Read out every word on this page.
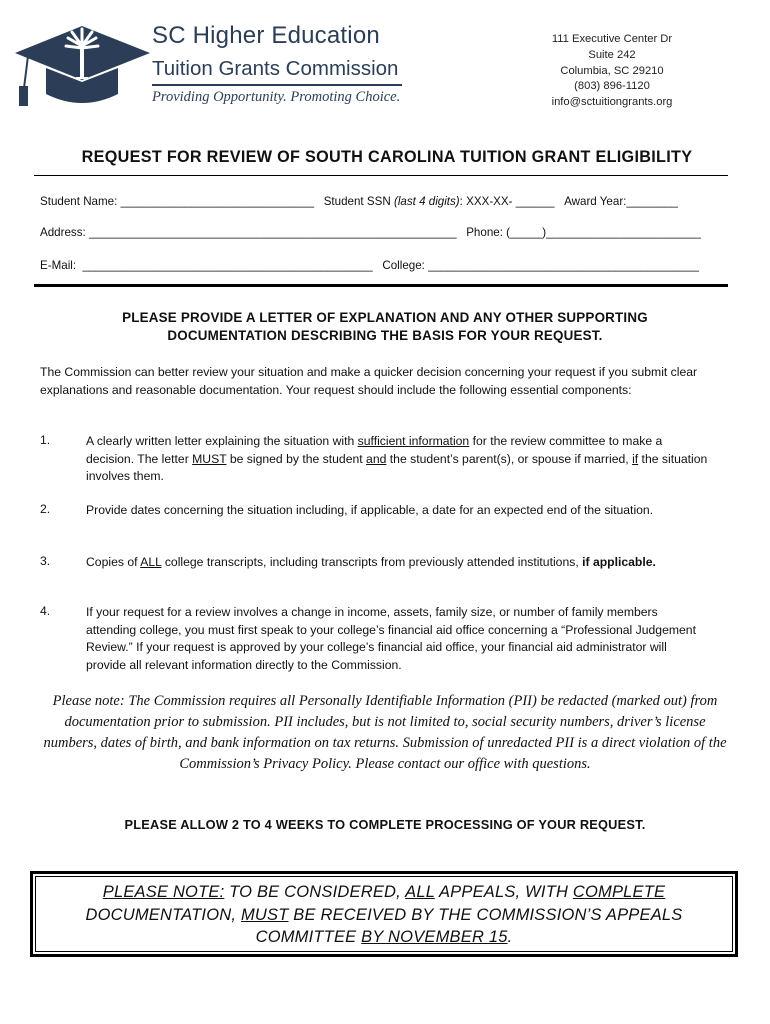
SC Higher Education
Tuition Grants Commission
Providing Opportunity. Promoting Choice.
111 Executive Center Dr
Suite 242
Columbia, SC 29210
(803) 896-1120
info@sctuitiongrants.org
REQUEST FOR REVIEW OF SOUTH CAROLINA TUITION GRANT ELIGIBILITY
Student Name: ______________________________ Student SSN (last 4 digits): XXX-XX- ______ Award Year:________
Address: _________________________________________________________ Phone: (_____)________________________
E-Mail: _____________________________________________ College: __________________________________________
PLEASE PROVIDE A LETTER OF EXPLANATION AND ANY OTHER SUPPORTING
DOCUMENTATION DESCRIBING THE BASIS FOR YOUR REQUEST.
The Commission can better review your situation and make a quicker decision concerning your request if you submit clear explanations and reasonable documentation. Your request should include the following essential components:
1.	A clearly written letter explaining the situation with sufficient information for the review committee to make a decision. The letter MUST be signed by the student and the student’s parent(s), or spouse if married, if the situation involves them.
2.	Provide dates concerning the situation including, if applicable, a date for an expected end of the situation.
3.	Copies of ALL college transcripts, including transcripts from previously attended institutions, if applicable.
4.	If your request for a review involves a change in income, assets, family size, or number of family members attending college, you must first speak to your college’s financial aid office concerning a “Professional Judgement Review.” If your request is approved by your college’s financial aid office, your financial aid administrator will provide all relevant information directly to the Commission.
Please note: The Commission requires all Personally Identifiable Information (PII) be redacted (marked out) from documentation prior to submission. PII includes, but is not limited to, social security numbers, driver’s license numbers, dates of birth, and bank information on tax returns. Submission of unredacted PII is a direct violation of the Commission’s Privacy Policy. Please contact our office with questions.
PLEASE ALLOW 2 TO 4 WEEKS TO COMPLETE PROCESSING OF YOUR REQUEST.
PLEASE NOTE: TO BE CONSIDERED, ALL APPEALS, WITH COMPLETE DOCUMENTATION, MUST BE RECEIVED BY THE COMMISSION’S APPEALS COMMITTEE BY NOVEMBER 15.
